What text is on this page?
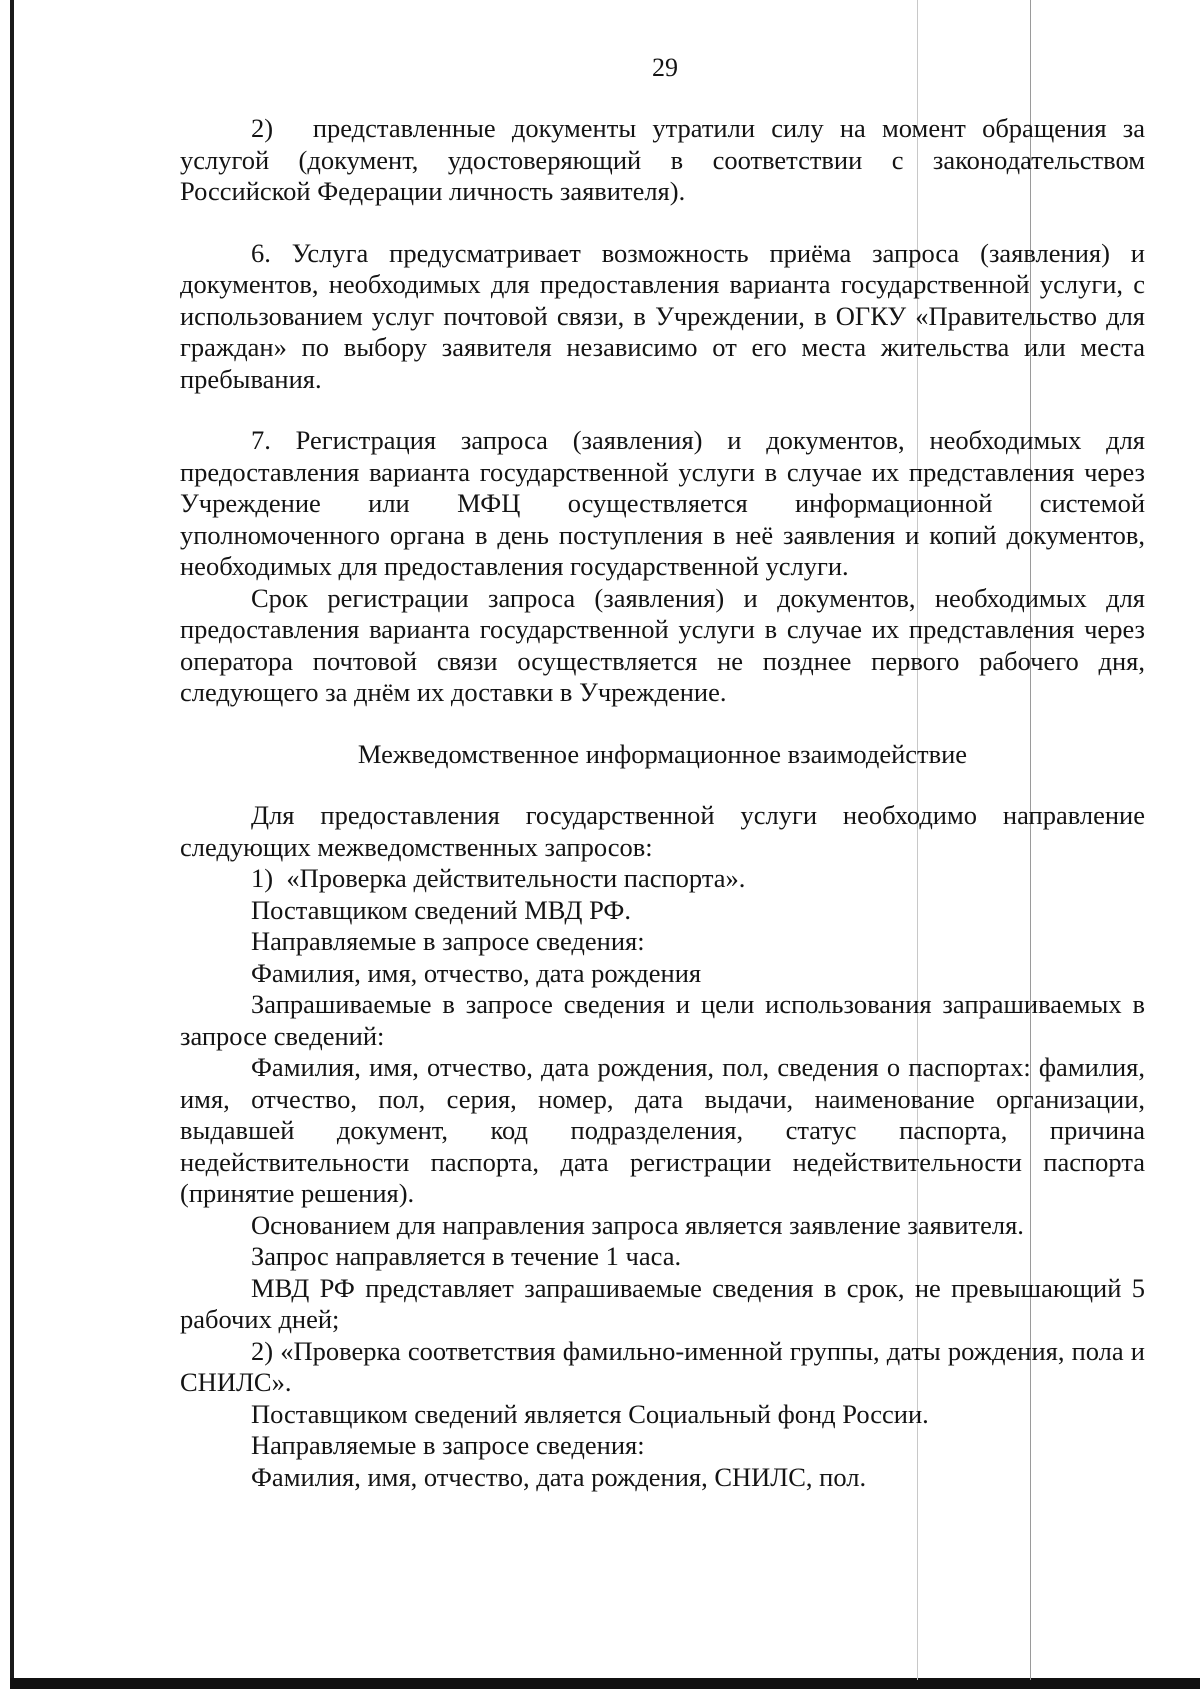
29

2)  представленные документы утратили силу на момент обращения за услугой (документ, удостоверяющий в соответствии с законодательством Российской Федерации личность заявителя).

6. Услуга предусматривает возможность приёма запроса (заявления) и документов, необходимых для предоставления варианта государственной услуги, с использованием услуг почтовой связи, в Учреждении, в ОГКУ «Правительство для граждан» по выбору заявителя независимо от его места жительства или места пребывания.

7. Регистрация запроса (заявления) и документов, необходимых для предоставления варианта государственной услуги в случае их представления через Учреждение или МФЦ осуществляется информационной системой уполномоченного органа в день поступления в неё заявления и копий документов, необходимых для предоставления государственной услуги.

Срок регистрации запроса (заявления) и документов, необходимых для предоставления варианта государственной услуги в случае их представления через оператора почтовой связи осуществляется не позднее первого рабочего дня, следующего за днём их доставки в Учреждение.

Межведомственное информационное взаимодействие

Для предоставления государственной услуги необходимо направление следующих межведомственных запросов:

1) «Проверка действительности паспорта».

Поставщиком сведений МВД РФ.

Направляемые в запросе сведения:

Фамилия, имя, отчество, дата рождения

Запрашиваемые в запросе сведения и цели использования запрашиваемых в запросе сведений:

Фамилия, имя, отчество, дата рождения, пол, сведения о паспортах: фамилия, имя, отчество, пол, серия, номер, дата выдачи, наименование организации, выдавшей документ, код подразделения, статус паспорта, причина недействительности паспорта, дата регистрации недействительности паспорта (принятие решения).

Основанием для направления запроса является заявление заявителя.

Запрос направляется в течение 1 часа.

МВД РФ представляет запрашиваемые сведения в срок, не превышающий 5 рабочих дней;

2) «Проверка соответствия фамильно-именной группы, даты рождения, пола и СНИЛС».

Поставщиком сведений является Социальный фонд России.

Направляемые в запросе сведения:

Фамилия, имя, отчество, дата рождения, СНИЛС, пол.
